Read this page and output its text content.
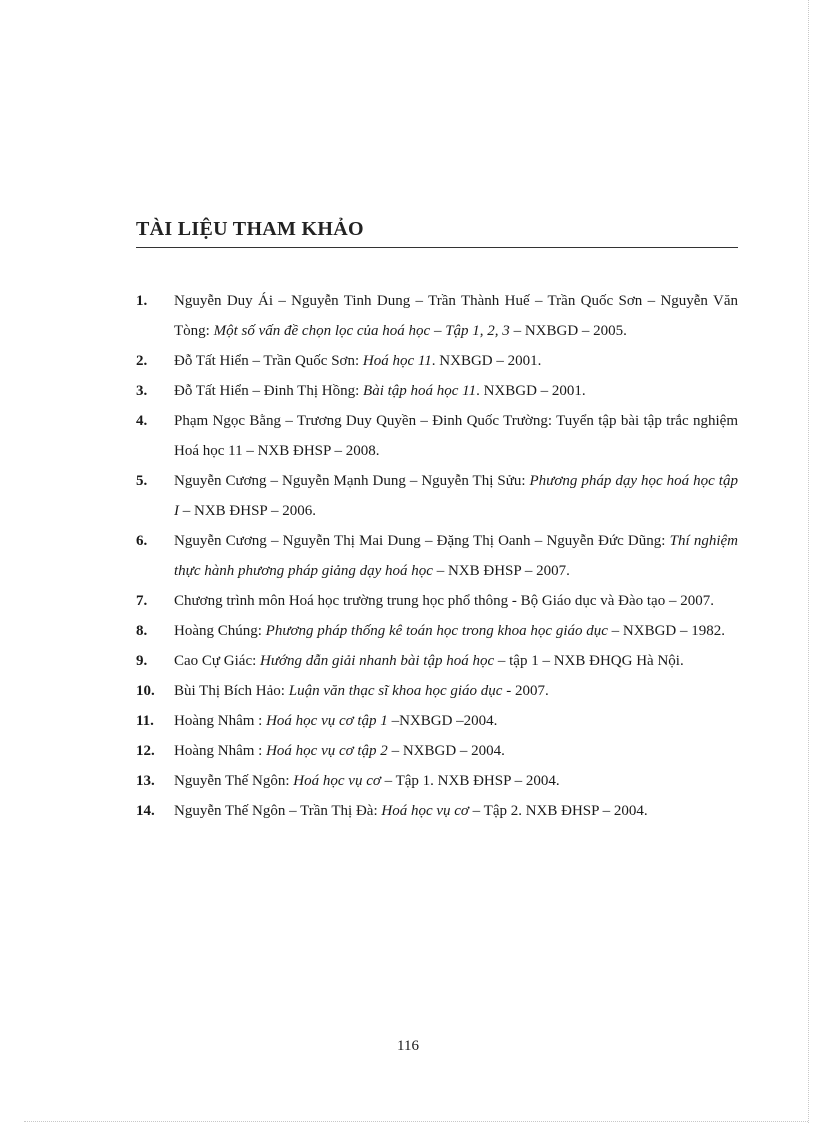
TÀI LIỆU THAM KHẢO
1. Nguyễn Duy Ái – Nguyễn Tinh Dung – Trần Thành Huế – Trần Quốc Sơn – Nguyễn Văn Tòng: Một số vấn đề chọn lọc của hoá học – Tập 1, 2, 3 – NXBGD – 2005.
2. Đỗ Tất Hiển – Trần Quốc Sơn: Hoá học 11. NXBGD – 2001.
3. Đỗ Tất Hiển – Đinh Thị Hồng: Bài tập hoá học 11. NXBGD – 2001.
4. Phạm Ngọc Bằng – Trương Duy Quyền – Đinh Quốc Trường: Tuyển tập bài tập trắc nghiệm Hoá học 11 – NXB ĐHSP – 2008.
5. Nguyễn Cương – Nguyễn Mạnh Dung – Nguyễn Thị Sửu: Phương pháp dạy học hoá học tập I – NXB ĐHSP – 2006.
6. Nguyễn Cương – Nguyễn Thị Mai Dung – Đặng Thị Oanh – Nguyễn Đức Dũng: Thí nghiệm thực hành phương pháp giảng dạy hoá học – NXB ĐHSP – 2007.
7. Chương trình môn Hoá học trường trung học phổ thông - Bộ Giáo dục và Đào tạo – 2007.
8. Hoàng Chúng: Phương pháp thống kê toán học trong khoa học giáo dục – NXBGD – 1982.
9. Cao Cự Giác: Hướng dẫn giải nhanh bài tập hoá học – tập 1 – NXB ĐHQG Hà Nội.
10. Bùi Thị Bích Hảo: Luận văn thạc sĩ khoa học giáo dục - 2007.
11. Hoàng Nhâm : Hoá học vụ cơ tập 1 –NXBGD –2004.
12. Hoàng Nhâm : Hoá học vụ cơ tập 2 – NXBGD – 2004.
13. Nguyễn Thế Ngôn: Hoá học vụ cơ – Tập 1. NXB ĐHSP – 2004.
14. Nguyễn Thế Ngôn – Trần Thị Đà: Hoá học vụ cơ – Tập 2. NXB ĐHSP – 2004.
116
